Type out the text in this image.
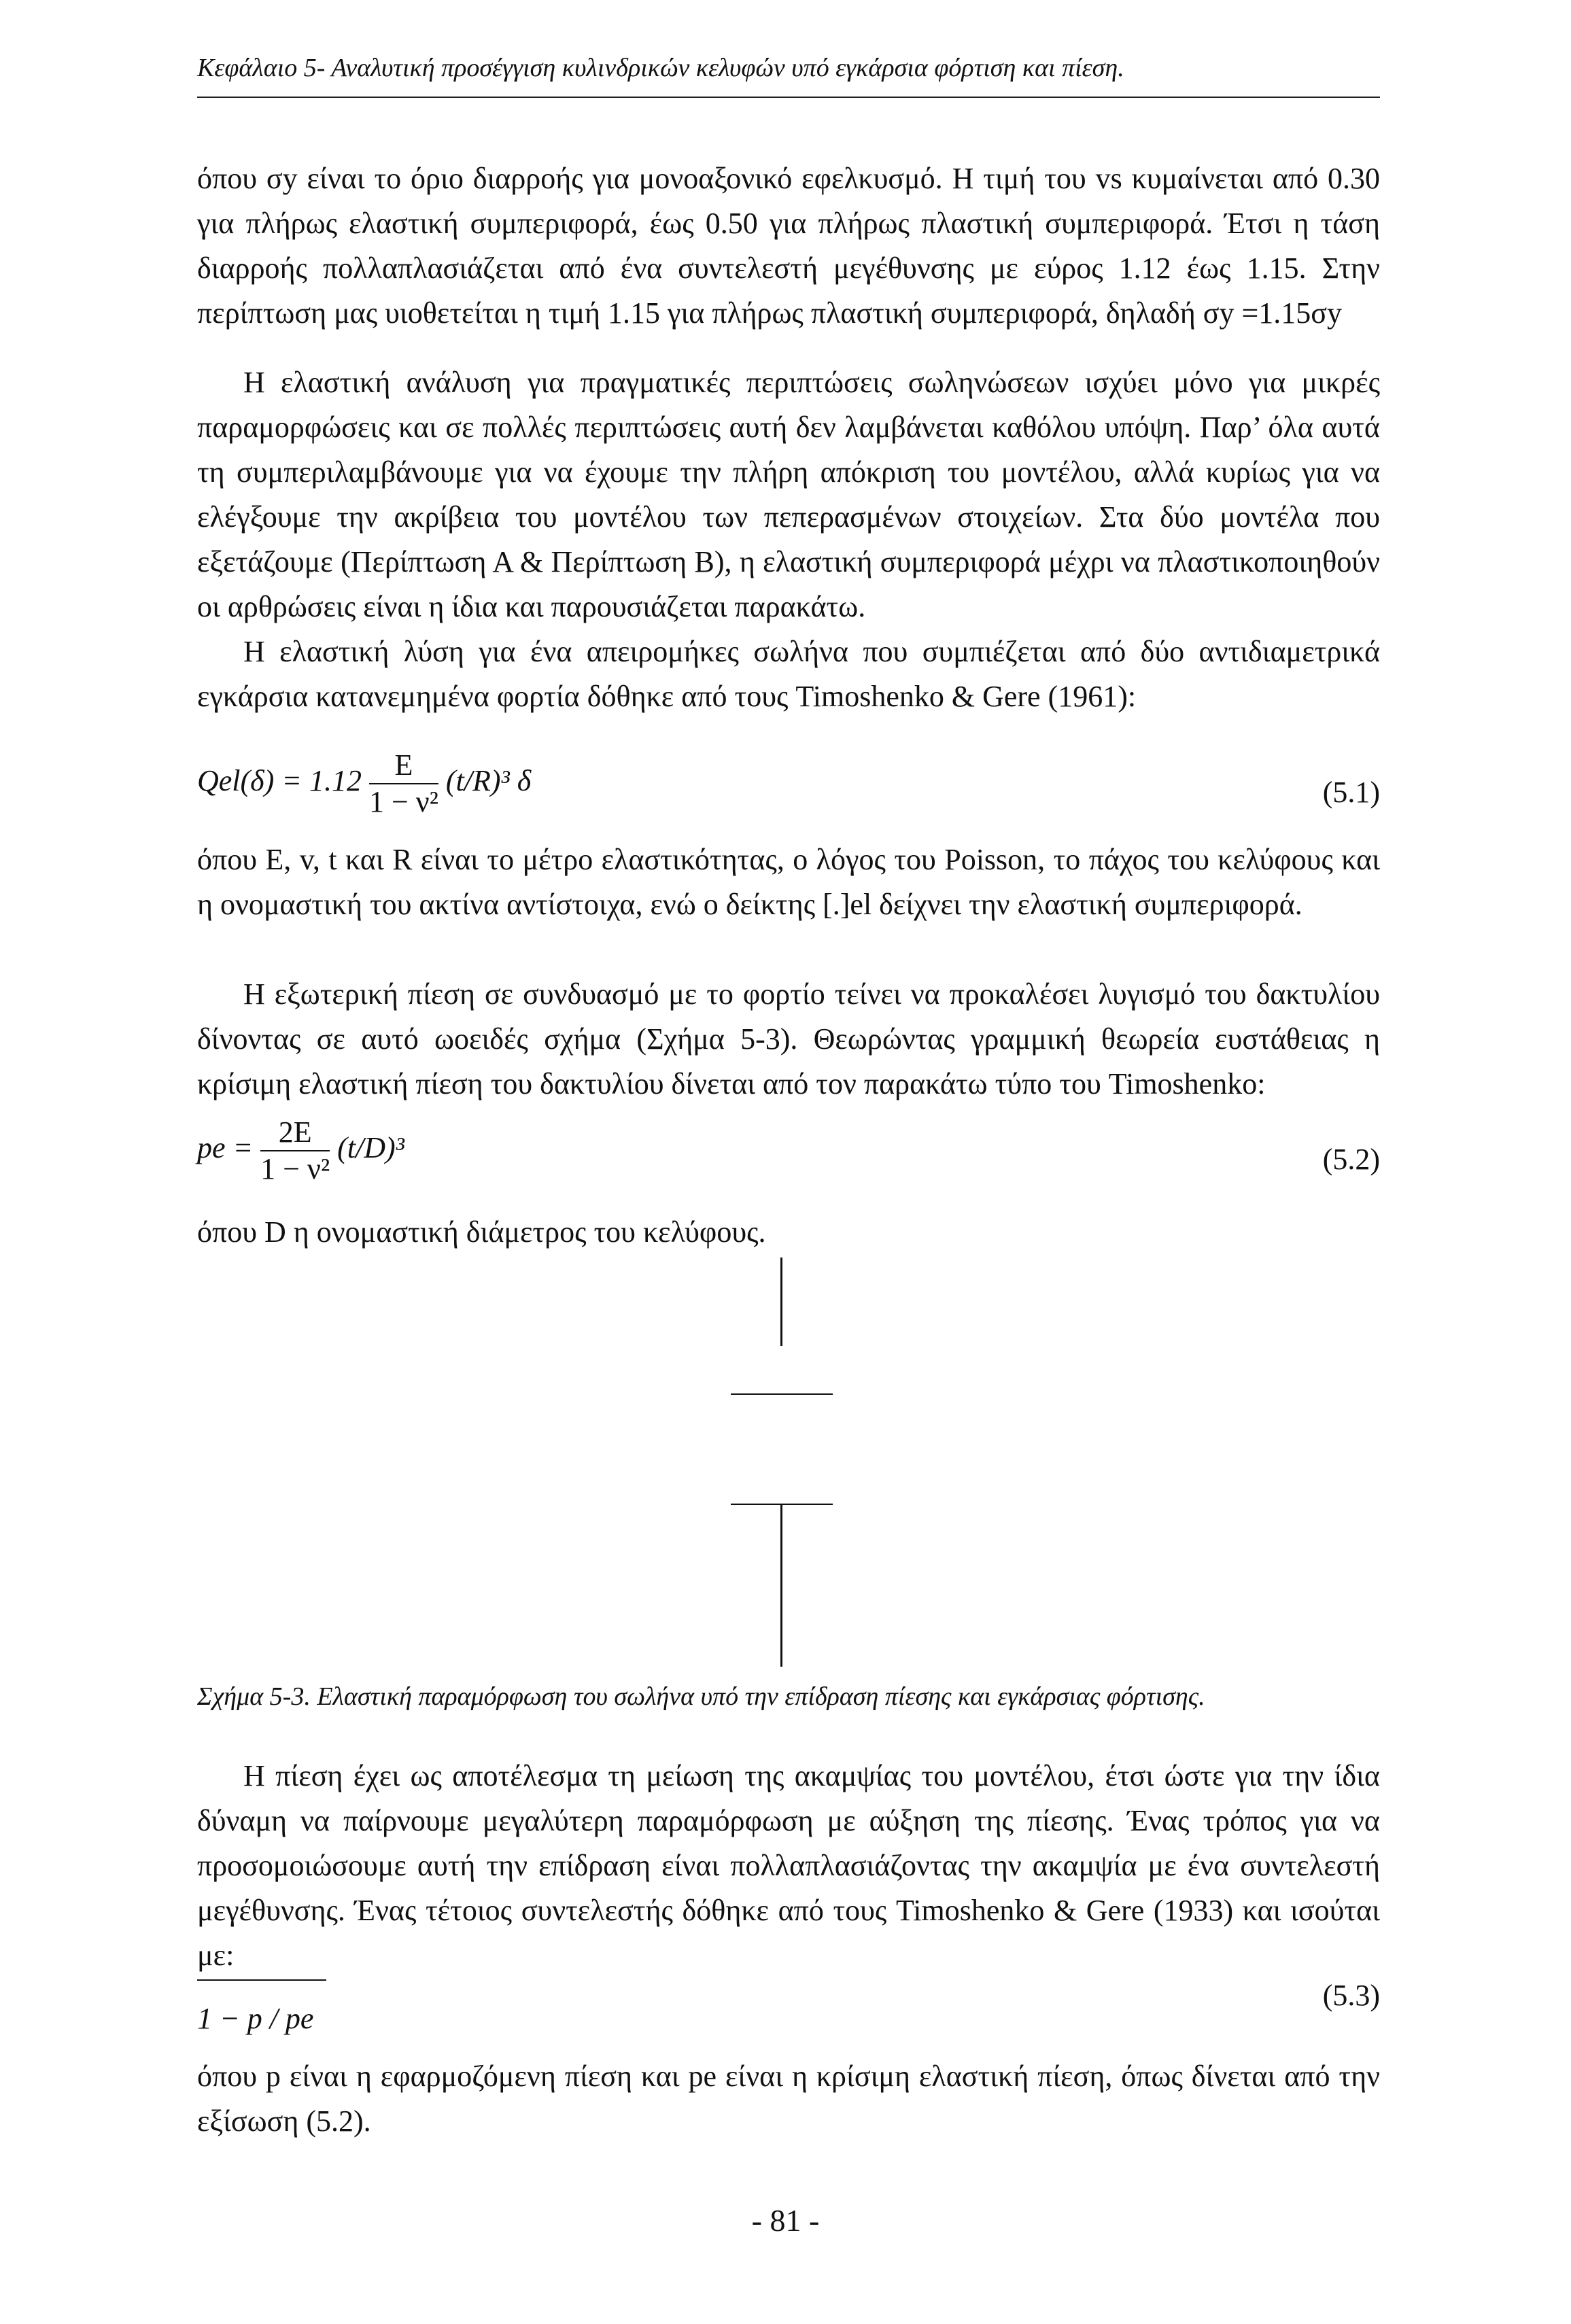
Κεφάλαιο 5- Αναλυτική προσέγγιση κυλινδρικών κελυφών υπό εγκάρσια φόρτιση και πίεση.

όπου σy είναι το όριο διαρροής για μονοαξονικό εφελκυσμό. Η τιμή του vs κυμαίνεται από 0.30 για πλήρως ελαστική συμπεριφορά, έως 0.50 για πλήρως πλαστική συμπεριφορά. Έτσι η τάση διαρροής πολλαπλασιάζεται από ένα συντελεστή μεγέθυνσης με εύρος 1.12 έως 1.15. Στην περίπτωση μας υιοθετείται η τιμή 1.15 για πλήρως πλαστική συμπεριφορά, δηλαδή σy =1.15σy

Η ελαστική ανάλυση για πραγματικές περιπτώσεις σωληνώσεων ισχύει μόνο για μικρές παραμορφώσεις και σε πολλές περιπτώσεις αυτή δεν λαμβάνεται καθόλου υπόψη. Παρ’ όλα αυτά τη συμπεριλαμβάνουμε για να έχουμε την πλήρη απόκριση του μοντέλου, αλλά κυρίως για να ελέγξουμε την ακρίβεια του μοντέλου των πεπερασμένων στοιχείων. Στα δύο μοντέλα που εξετάζουμε (Περίπτωση Α & Περίπτωση Β), η ελαστική συμπεριφορά μέχρι να πλαστικοποιηθούν οι αρθρώσεις είναι η ίδια και παρουσιάζεται παρακάτω.

Η ελαστική λύση για ένα απειρομήκες σωλήνα που συμπιέζεται από δύο αντιδιαμετρικά εγκάρσια κατανεμημένα φορτία δόθηκε από τους Timoshenko & Gere (1961):

$Qel(\delta) = 1.12 \frac{E}{\text{1 − ν²}} (t/R)^3$ δ	(5.1)

όπου E, v, t και R είναι το μέτρο ελαστικότητας, ο λόγος του Poisson, το πάχος του κελύφους και η ονομαστική του ακτίνα αντίστοιχα, ενώ ο δείκτης [.]el δείχνει την ελαστική συμπεριφορά.

Η εξωτερική πίεση σε συνδυασμό με το φορτίο τείνει να προκαλέσει λυγισμό του δακτυλίου δίνοντας σε αυτό ωοειδές σχήμα (Σχήμα 5-3). Θεωρώντας γραμμική θεωρεία ευστάθειας η κρίσιμη ελαστική πίεση του δακτυλίου δίνεται από τον παρακάτω τύπο του Timoshenko:

pe = $\frac{2E}{\text{1 − ν²}} (t/D)^3$	(5.2)

όπου D η ονομαστική διάμετρος του κελύφους.

Σχήμα 5-3. Ελαστική παραμόρφωση του σωλήνα υπό την επίδραση πίεσης και εγκάρσιας φόρτισης.

Η πίεση έχει ως αποτέλεσμα τη μείωση της ακαμψίας του μοντέλου, έτσι ώστε για την ίδια δύναμη να παίρνουμε μεγαλύτερη παραμόρφωση με αύξηση της πίεσης. Ένας τρόπος για να προσομοιώσουμε αυτή την επίδραση είναι πολλαπλασιάζοντας την ακαμψία με ένα συντελεστή μεγέθυνσης. Ένας τέτοιος συντελεστής δόθηκε από τους Timoshenko & Gere (1933) και ισούται με:

1 − p / pe
(5.3)

όπου p είναι η εφαρμοζόμενη πίεση και pe είναι η κρίσιμη ελαστική πίεση, όπως δίνεται από την εξίσωση (5.2).

- 81 -
